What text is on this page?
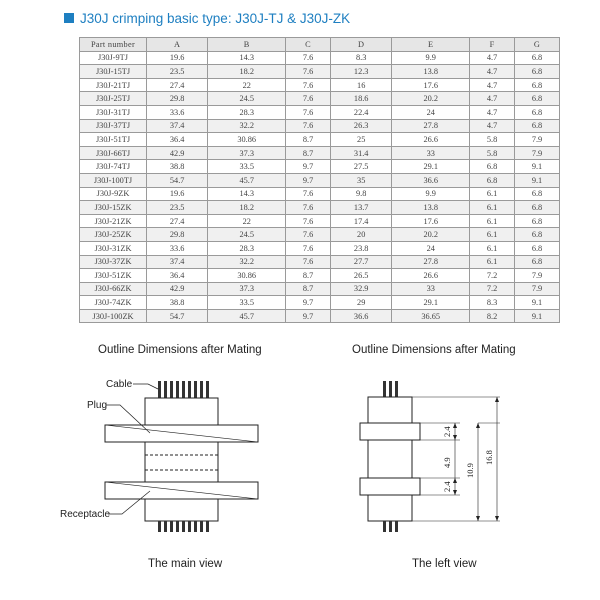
J30J crimping basic type: J30J-TJ & J30J-ZK
Part number	A	B	C	D	E	F	G
J30J-9TJ	19.6	14.3	7.6	8.3	9.9	4.7	6.8
J30J-15TJ	23.5	18.2	7.6	12.3	13.8	4.7	6.8
J30J-21TJ	27.4	22	7.6	16	17.6	4.7	6.8
J30J-25TJ	29.8	24.5	7.6	18.6	20.2	4.7	6.8
J30J-31TJ	33.6	28.3	7.6	22.4	24	4.7	6.8
J30J-37TJ	37.4	32.2	7.6	26.3	27.8	4.7	6.8
J30J-51TJ	36.4	30.86	8.7	25	26.6	5.8	7.9
J30J-66TJ	42.9	37.3	8.7	31.4	33	5.8	7.9
J30J-74TJ	38.8	33.5	9.7	27.5	29.1	6.8	9.1
J30J-100TJ	54.7	45.7	9.7	35	36.6	6.8	9.1
J30J-9ZK	19.6	14.3	7.6	9.8	9.9	6.1	6.8
J30J-15ZK	23.5	18.2	7.6	13.7	13.8	6.1	6.8
J30J-21ZK	27.4	22	7.6	17.4	17.6	6.1	6.8
J30J-25ZK	29.8	24.5	7.6	20	20.2	6.1	6.8
J30J-31ZK	33.6	28.3	7.6	23.8	24	6.1	6.8
J30J-37ZK	37.4	32.2	7.6	27.7	27.8	6.1	6.8
J30J-51ZK	36.4	30.86	8.7	26.5	26.6	7.2	7.9
J30J-66ZK	42.9	37.3	8.7	32.9	33	7.2	7.9
J30J-74ZK	38.8	33.5	9.7	29	29.1	8.3	9.1
J30J-100ZK	54.7	45.7	9.7	36.6	36.65	8.2	9.1
Outline Dimensions after Mating	Outline Dimensions after Mating
The main view	The left view
Cable
Plug
Receptacle
2.4
4.9
2.4
10.9
16.8
